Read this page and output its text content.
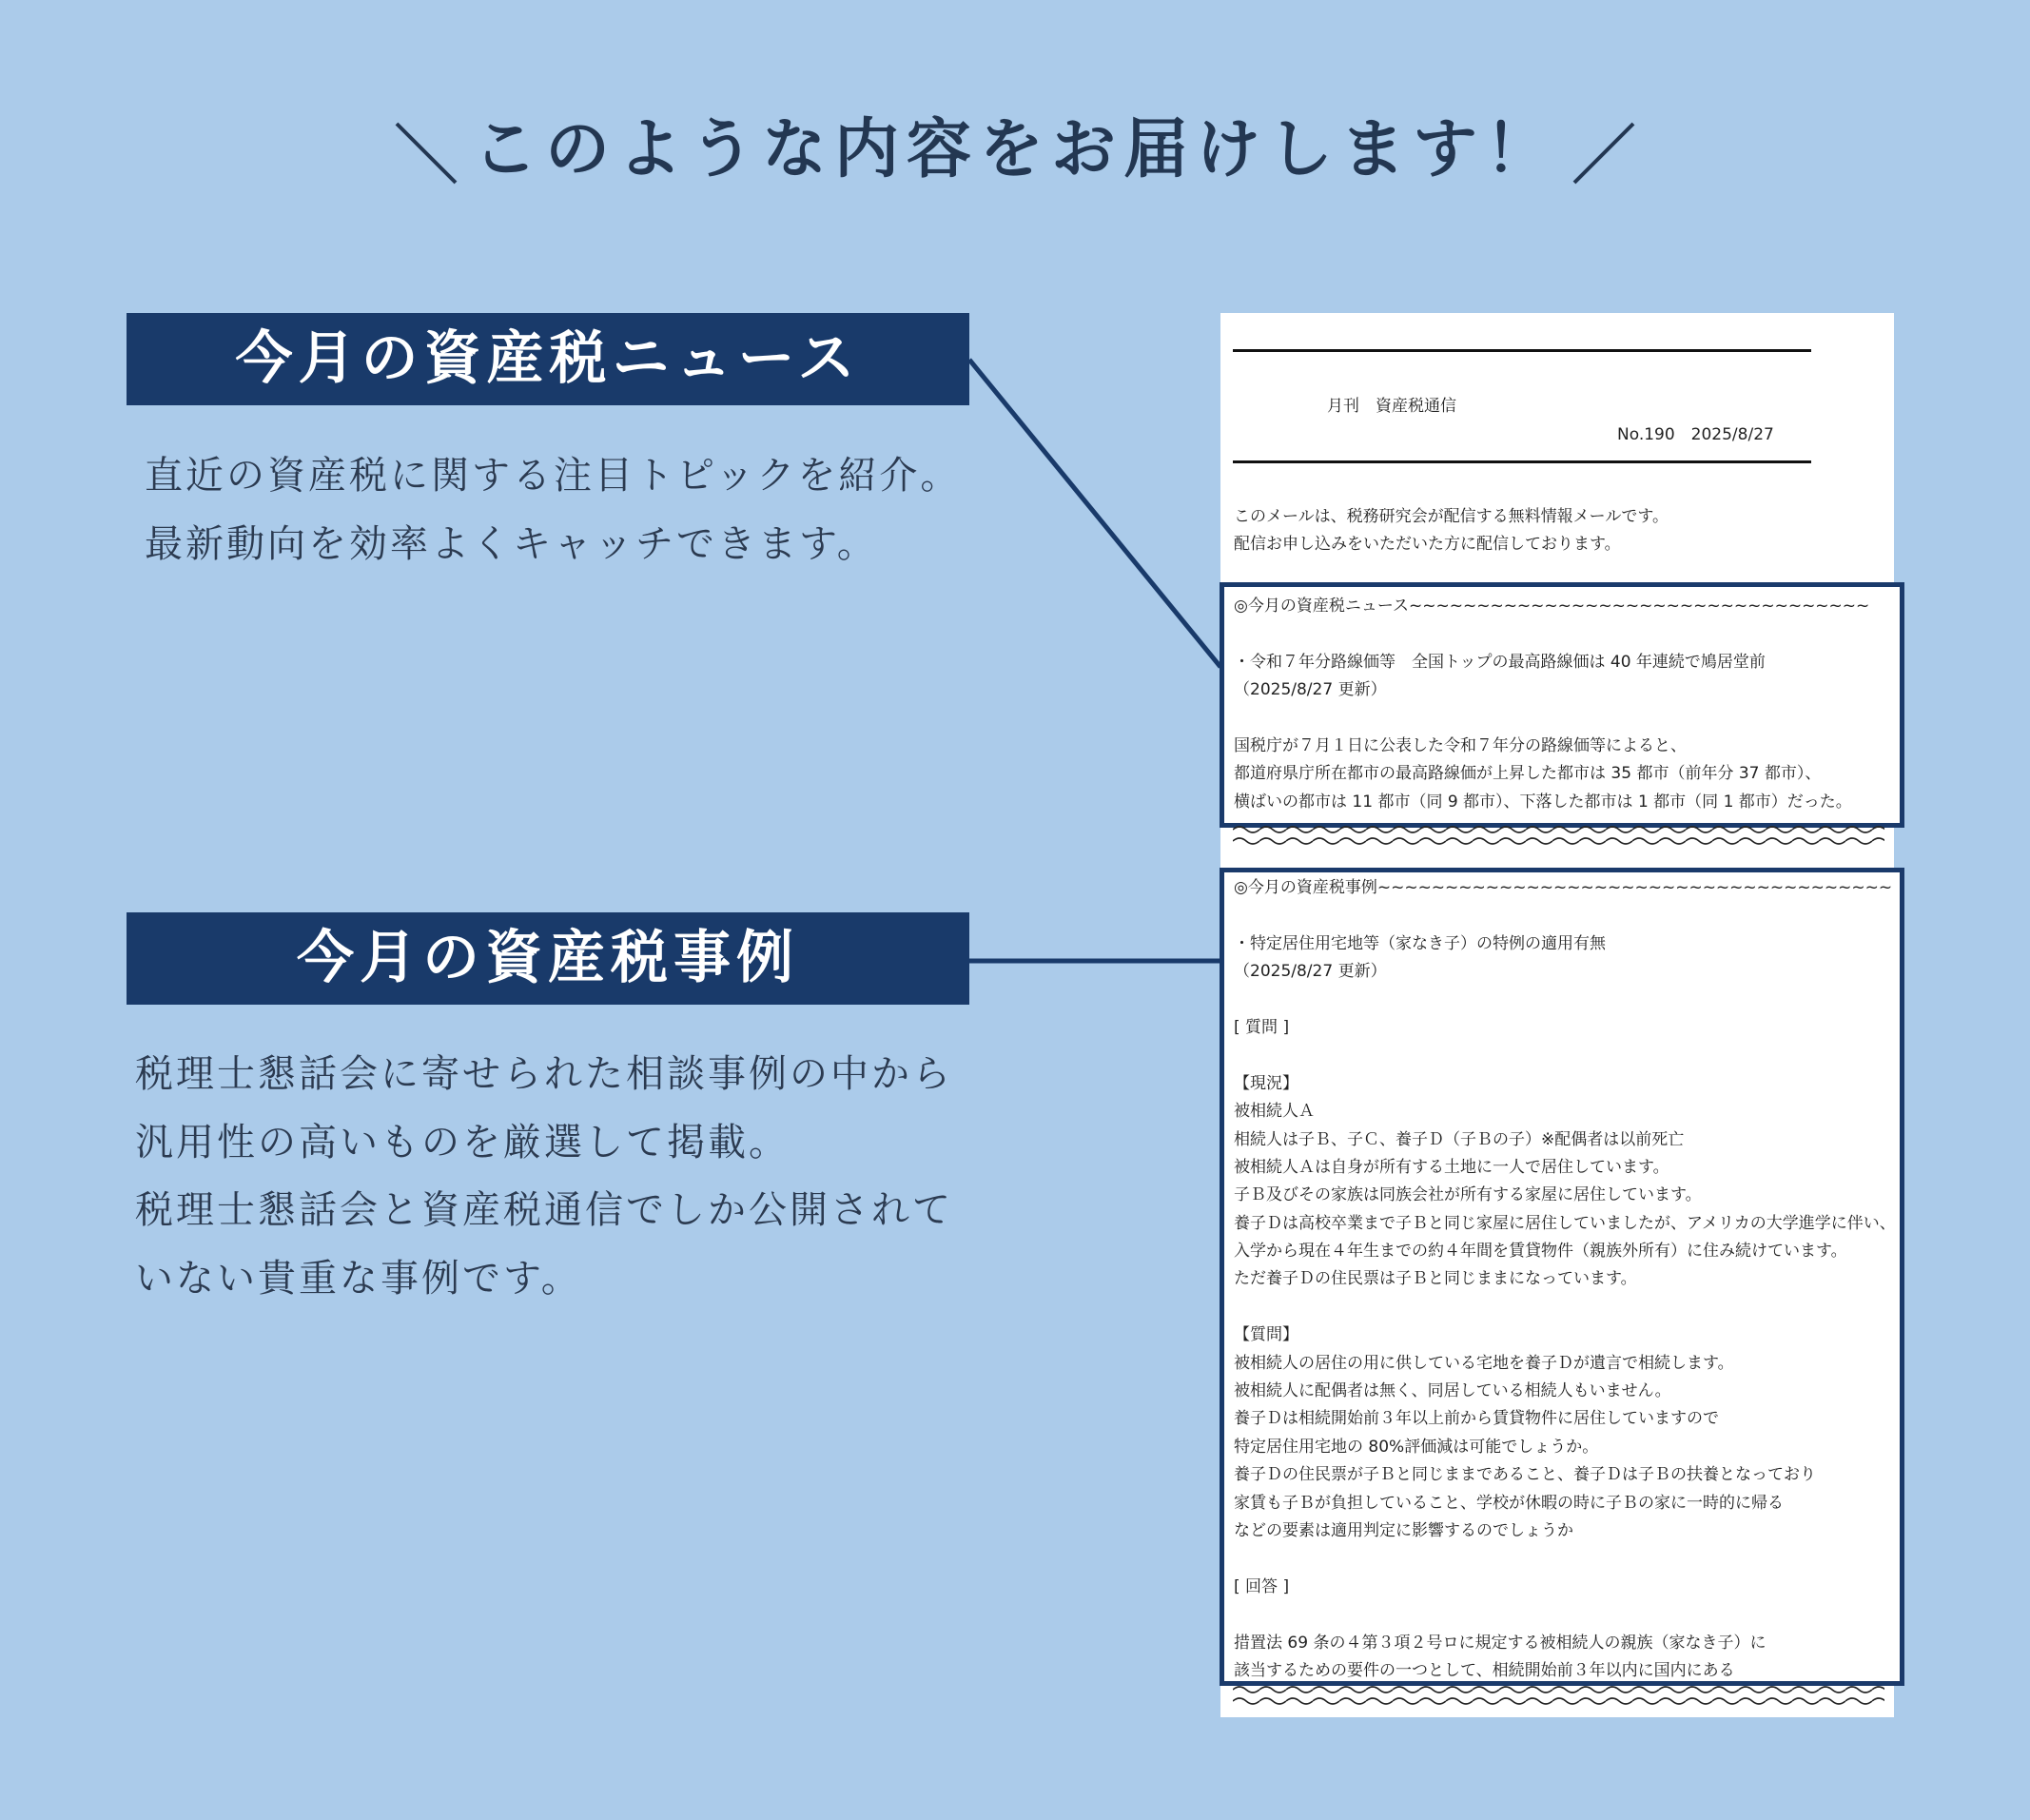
このような内容をお届けします！
今月の資産税ニュース
直近の資産税に関する注目トピックを紹介。
最新動向を効率よくキャッチできます。
今月の資産税事例
税理士懇話会に寄せられた相談事例の中から
汎用性の高いものを厳選して掲載。
税理士懇話会と資産税通信でしか公開されて
いない貴重な事例です。
月刊　資産税通信
No.190　2025/8/27
このメールは、税務研究会が配信する無料情報メールです。
配信お申し込みをいただいた方に配信しております。
◎今月の資産税ニュース~~~~~~~~~~~~~~~~~~~~~~~~~~~~~~~~~~
・令和７年分路線価等　全国トップの最高路線価は 40 年連続で鳩居堂前
（2025/8/27 更新）
国税庁が７月１日に公表した令和７年分の路線価等によると、
都道府県庁所在都市の最高路線価が上昇した都市は 35 都市（前年分 37 都市）、
横ばいの都市は 11 都市（同 9 都市）、下落した都市は 1 都市（同 1 都市）だった。
◎今月の資産税事例~~~~~~~~~~~~~~~~~~~~~~~~~~~~~~~~~~~~~~
・特定居住用宅地等（家なき子）の特例の適用有無
（2025/8/27 更新）
[ 質問 ]
【現況】
被相続人Ａ
相続人は子Ｂ、子Ｃ、養子Ｄ（子Ｂの子）※配偶者は以前死亡
被相続人Ａは自身が所有する土地に一人で居住しています。
子Ｂ及びその家族は同族会社が所有する家屋に居住しています。
養子Ｄは高校卒業まで子Ｂと同じ家屋に居住していましたが、アメリカの大学進学に伴い、
入学から現在４年生までの約４年間を賃貸物件（親族外所有）に住み続けています。
ただ養子Ｄの住民票は子Ｂと同じままになっています。
【質問】
被相続人の居住の用に供している宅地を養子Ｄが遺言で相続します。
被相続人に配偶者は無く、同居している相続人もいません。
養子Ｄは相続開始前３年以上前から賃貸物件に居住していますので
特定居住用宅地の 80%評価減は可能でしょうか。
養子Ｄの住民票が子Ｂと同じままであること、養子Ｄは子Ｂの扶養となっており
家賃も子Ｂが負担していること、学校が休暇の時に子Ｂの家に一時的に帰る
などの要素は適用判定に影響するのでしょうか
[ 回答 ]
措置法 69 条の４第３項２号ロに規定する被相続人の親族（家なき子）に
該当するための要件の一つとして、相続開始前３年以内に国内にある
